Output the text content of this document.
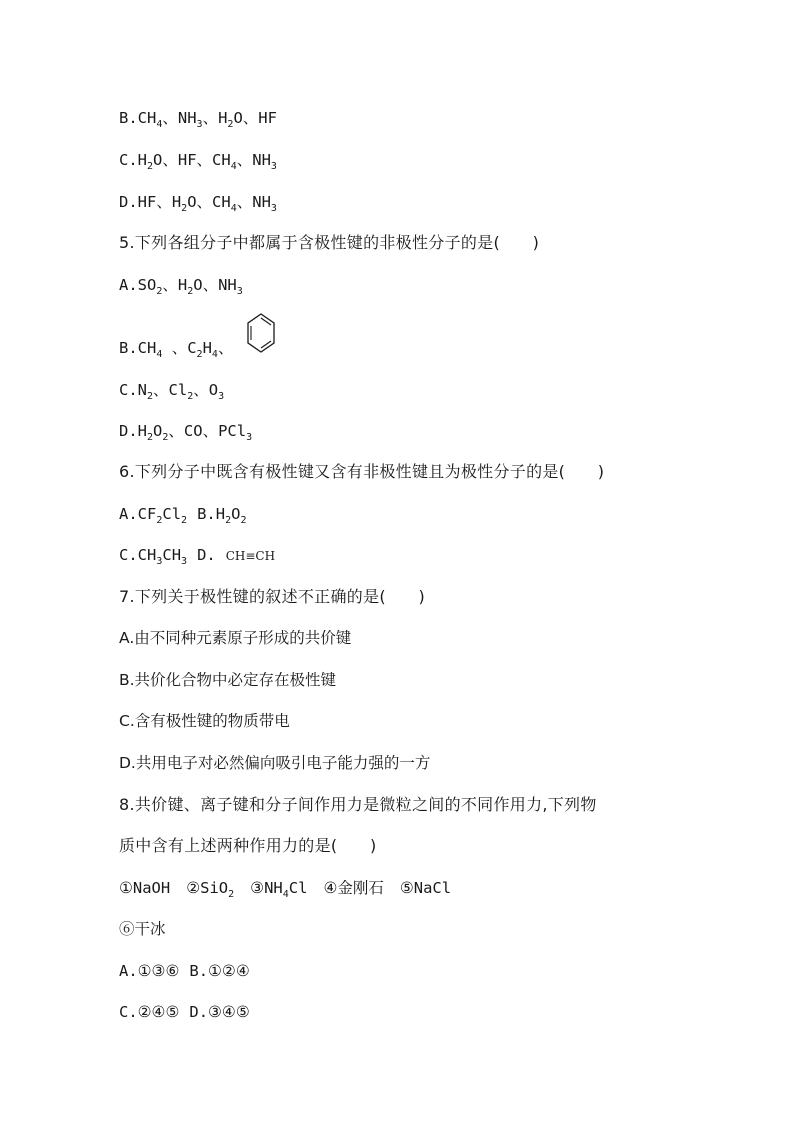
$B.CH_4$、$NH_3$、$H_2O$、HF
$C.H_2O$、HF、$CH_4$、$NH_3$
D.HF、$H_2O$、$CH_4$、$NH_3$
5.下列各组分子中都属于含极性键的非极性分子的是(　　)
$A.SO_2$、$H_2O$、$NH_3$
$B.CH_4$ 、$C_2H_4$、
$C.N_2$、$Cl_2$、$O_3$
$D.H_2O_2$、CO、PCl$_3$
6.下列分子中既含有极性键又含有非极性键且为极性分子的是(　　)
$A.CF_2Cl_2$ $B.H_2O_2$
$C.CH_3CH_3$ D. CH≡CH
7.下列关于极性键的叙述不正确的是(　　)
A.由不同种元素原子形成的共价键
B.共价化合物中必定存在极性键
C.含有极性键的物质带电
D.共用电子对必然偏向吸引电子能力强的一方
8.共价键、离子键和分子间作用力是微粒之间的不同作用力,下列物
质中含有上述两种作用力的是(　　)
①NaOH ②SiO$_2$ $③NH_4Cl$ ④金刚石 ⑤NaCl
⑥干冰
A.①③⑥ B.①②④
C.②④⑤ D.③④⑤
